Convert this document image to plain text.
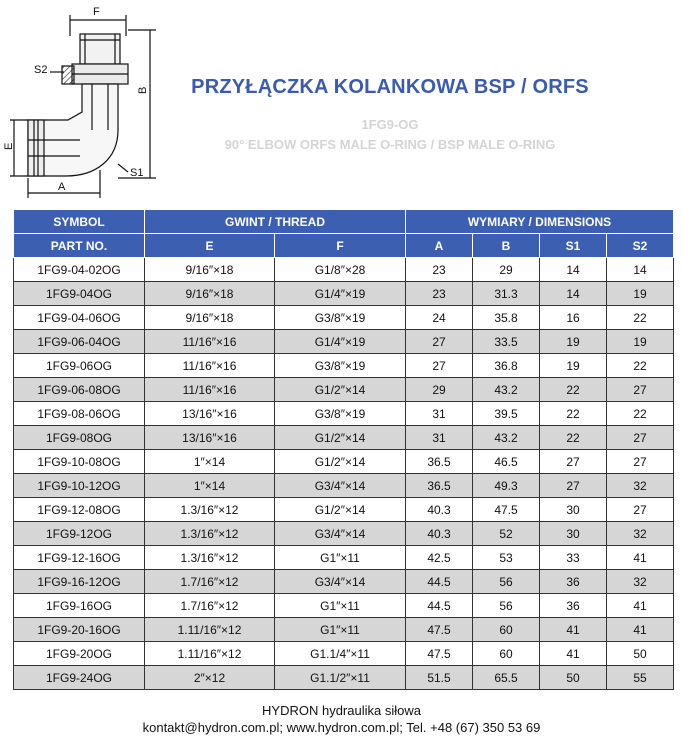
F
S2
B
E
S1
A
PRZYŁĄCZKA KOLANKOWA BSP / ORFS
1FG9-OG
90° ELBOW ORFS MALE O-RING / BSP MALE O-RING
SYMBOL	GWINT / THREAD		WYMIARY / DIMENSIONS			
PART NO.	E	F	A	B	S1	S2
1FG9-04-02OG	9/16″×18	G1/8″×28	23	29	14	14
1FG9-04OG	9/16″×18	G1/4″×19	23	31.3	14	19
1FG9-04-06OG	9/16″×18	G3/8″×19	24	35.8	16	22
1FG9-06-04OG	11/16″×16	G1/4″×19	27	33.5	19	19
1FG9-06OG	11/16″×16	G3/8″×19	27	36.8	19	22
1FG9-06-08OG	11/16″×16	G1/2″×14	29	43.2	22	27
1FG9-08-06OG	13/16″×16	G3/8″×19	31	39.5	22	22
1FG9-08OG	13/16″×16	G1/2″×14	31	43.2	22	27
1FG9-10-08OG	1″×14	G1/2″×14	36.5	46.5	27	27
1FG9-10-12OG	1″×14	G3/4″×14	36.5	49.3	27	32
1FG9-12-08OG	1.3/16″×12	G1/2″×14	40.3	47.5	30	27
1FG9-12OG	1.3/16″×12	G3/4″×14	40.3	52	30	32
1FG9-12-16OG	1.3/16″×12	G1″×11	42.5	53	33	41
1FG9-16-12OG	1.7/16″×12	G3/4″×14	44.5	56	36	32
1FG9-16OG	1.7/16″×12	G1″×11	44.5	56	36	41
1FG9-20-16OG	1.11/16″×12	G1″×11	47.5	60	41	41
1FG9-20OG	1.11/16″×12	G1.1/4″×11	47.5	60	41	50
1FG9-24OG	2″×12	G1.1/2″×11	51.5	65.5	50	55
HYDRON hydraulika siłowa
kontakt@hydron.com.pl; www.hydron.com.pl; Tel. +48 (67) 350 53 69
